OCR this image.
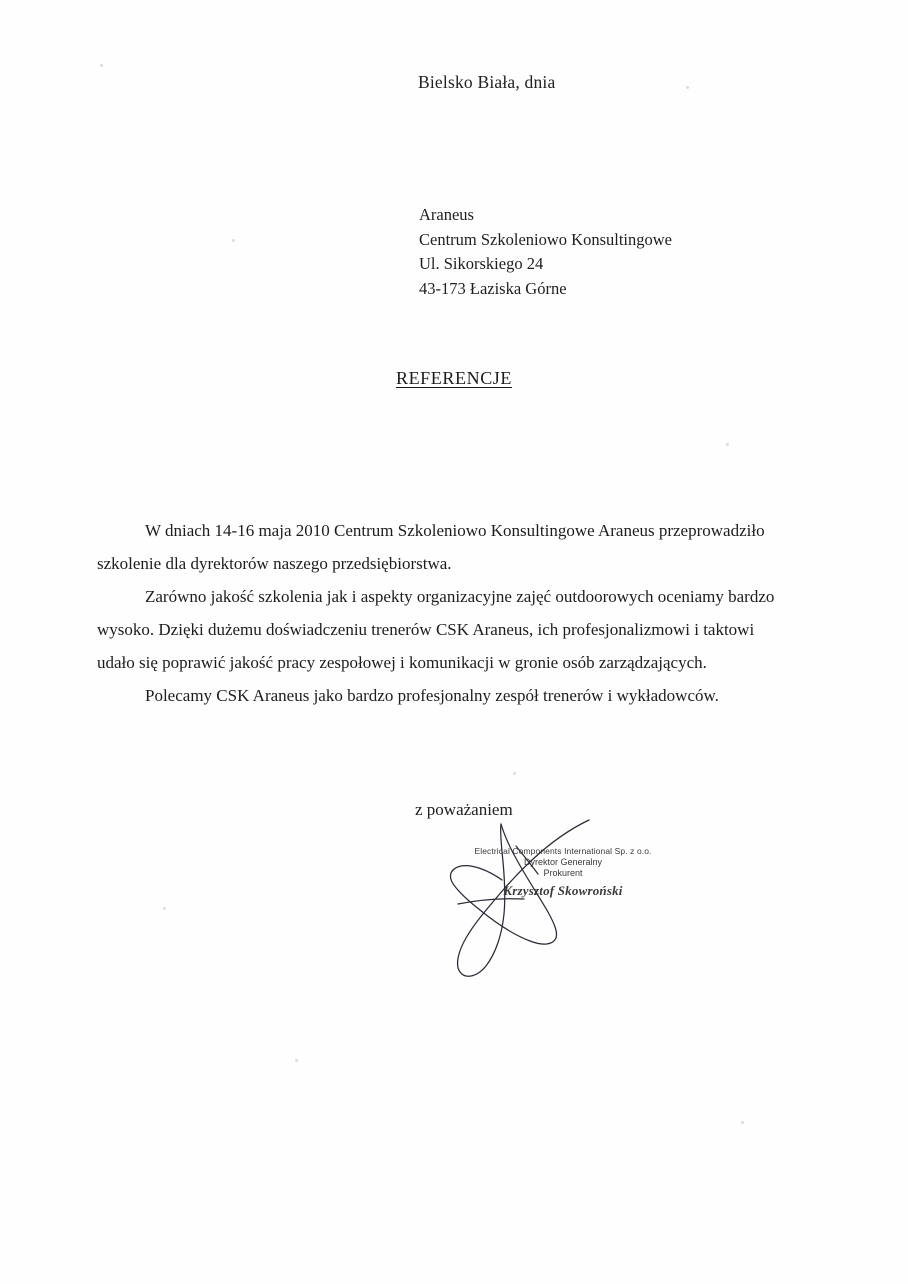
Bielsko Biała, dnia
Araneus
Centrum Szkoleniowo Konsultingowe
Ul. Sikorskiego 24
43-173 Łaziska Górne
REFERENCJE

W dniach 14-16 maja 2010 Centrum Szkoleniowo Konsultingowe Araneus przeprowadziło szkolenie dla dyrektorów naszego przedsiębiorstwa.

Zarówno jakość szkolenia jak i aspekty organizacyjne zajęć outdoorowych oceniamy bardzo wysoko. Dzięki dużemu doświadczeniu trenerów CSK Araneus, ich profesjonalizmowi i taktowi udało się poprawić jakość pracy zespołowej i komunikacji w gronie osób zarządzających.

Polecamy CSK Araneus jako bardzo profesjonalny zespół trenerów i wykładowców.

z poważaniem
Electrical Components International Sp. z o.o.
Dyrektor Generalny
Prokurent
Krzysztof Skowroński
